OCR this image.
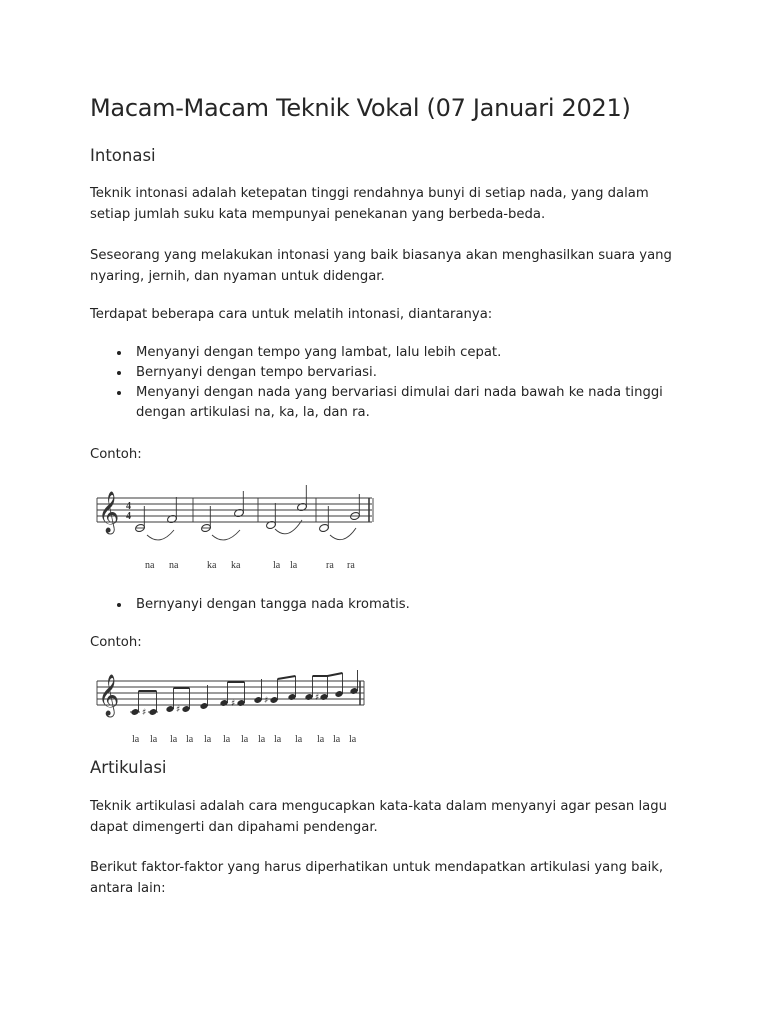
Macam-Macam Teknik Vokal (07 Januari 2021)
Intonasi

Teknik intonasi adalah ketepatan tinggi rendahnya bunyi di setiap nada, yang dalam setiap jumlah suku kata mempunyai penekanan yang berbeda-beda.

Seseorang yang melakukan intonasi yang baik biasanya akan menghasilkan suara yang nyaring, jernih, dan nyaman untuk didengar.

Terdapat beberapa cara untuk melatih intonasi, diantaranya:

Menyanyi dengan tempo yang lambat, lalu lebih cepat.
Bernyanyi dengan tempo bervariasi.
Menyanyi dengan nada yang bervariasi dimulai dari nada bawah ke nada tinggi dengan artikulasi na, ka, la, dan ra.

Contoh:

𝄞 4
4
na na	ka ka	la la	ra ra
Bernyanyi dengan tangga nada kromatis.

Contoh:

𝄞	♯	♯
♯	♯	♯
la la la la la la la la la la la la la
Artikulasi

Teknik artikulasi adalah cara mengucapkan kata-kata dalam menyanyi agar pesan lagu dapat dimengerti dan dipahami pendengar.

Berikut faktor-faktor yang harus diperhatikan untuk mendapatkan artikulasi yang baik, antara lain:
